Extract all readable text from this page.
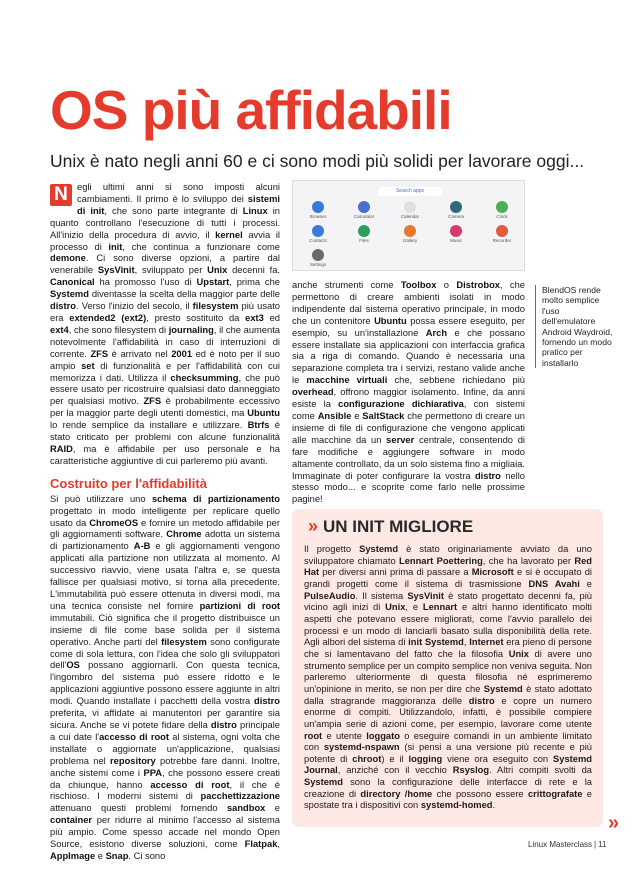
OS più affidabili

Unix è nato negli anni 60 e ci sono modi più solidi per lavorare oggi...

N egli ultimi anni si sono imposti alcuni cambiamenti. Il primo è lo sviluppo dei sistemi di init, che sono parte integrante di Linux in quanto controllano l'esecuzione di tutti i processi. All'inizio della procedura di avvio, il kernel avvia il processo di init, che continua a funzionare come demone. Ci sono diverse opzioni, a partire dal venerabile SysVinit, sviluppato per Unix decenni fa. Canonical ha promosso l'uso di Upstart, prima che Systemd diventasse la scelta della maggior parte delle distro. Verso l'inizio del secolo, il filesystem più usato era extended2 (ext2), presto sostituito da ext3 ed ext4, che sono filesystem di journaling, il che aumenta notevolmente l'affidabilità in caso di interruzioni di corrente. ZFS è arrivato nel 2001 ed è noto per il suo ampio set di funzionalità e per l'affidabilità con cui memorizza i dati. Utilizza il checksumming, che può essere usato per ricostruire qualsiasi dato danneggiato per qualsiasi motivo. ZFS è probabilmente eccessivo per la maggior parte degli utenti domestici, ma Ubuntu lo rende semplice da installare e utilizzare. Btrfs è stato criticato per problemi con alcune funzionalità RAID, ma è affidabile per uso personale e ha caratteristiche aggiuntive di cui parleremo più avanti.

Costruito per l'affidabilità

Si può utilizzare uno schema di partizionamento progettato in modo intelligente per replicare quello usato da ChromeOS e fornire un metodo affidabile per gli aggiornamenti software. Chrome adotta un sistema di partizionamento A-B e gli aggiornamenti vengono applicati alla partizione non utilizzata al momento. Al successivo riavvio, viene usata l'altra e, se questa fallisce per qualsiasi motivo, si torna alla precedente. L'immutabilità può essere ottenuta in diversi modi, ma una tecnica consiste nel fornire partizioni di root immutabili. Ciò significa che il progetto distribuisce un insieme di file come base solida per il sistema operativo. Anche parti del filesystem sono configurate come di sola lettura, con l'idea che solo gli sviluppatori dell'OS possano aggiornarli. Con questa tecnica, l'ingombro del sistema può essere ridotto e le applicazioni aggiuntive possono essere aggiunte in altri modi. Quando installate i pacchetti della vostra distro preferita, vi affidate ai manutentori per garantire sia sicura. Anche se vi potete fidare della distro principale a cui date l'accesso di root al sistema, ogni volta che installate o aggiornate un'applicazione, qualsiasi problema nel repository potrebbe fare danni. Inoltre, anche sistemi come i PPA, che possono essere creati da chiunque, hanno accesso di root, il che è rischioso. I moderni sistemi di pacchettizzazione attenuano questi problemi fornendo sandbox e container per ridurre al minimo l'accesso al sistema più ampio. Come spesso accade nel mondo Open Source, esistono diverse soluzioni, come Flatpak, AppImage e Snap. Ci sono

Search apps
Browser	Calculator	Calendar	Camera	Clock
Contacts	Files	Gallery	Music	Recorder
Settings

anche strumenti come Toolbox o Distrobox, che permettono di creare ambienti isolati in modo indipendente dal sistema operativo principale, in modo che un contenitore Ubuntu possa essere eseguito, per esempio, su un'installazione Arch e che possano essere installate sia applicazioni con interfaccia grafica sia a riga di comando. Quando è necessaria una separazione completa tra i servizi, restano valide anche le macchine virtuali che, sebbene richiedano più overhead, offrono maggior isolamento. Infine, da anni esiste la configurazione dichiarativa, con sistemi come Ansible e SaltStack che permettono di creare un insieme di file di configurazione che vengono applicati alle macchine da un server centrale, consentendo di fare modifiche e aggiungere software in modo altamente controllato, da un solo sistema fino a migliaia. Immaginate di poter configurare la vostra distro nello stesso modo... e scoprite come farlo nelle prossime pagine!

BlendOS rende molto semplice l'uso dell'emulatore Android Waydroid, fornendo un modo pratico per installarlo
» UN INIT MIGLIORE

Il progetto Systemd è stato originariamente avviato da uno sviluppatore chiamato Lennart Poettering, che ha lavorato per Red Hat per diversi anni prima di passare a Microsoft e si è occupato di grandi progetti come il sistema di trasmissione DNS Avahi e PulseAudio. Il sistema SysVinit è stato progettato decenni fa, più vicino agli inizi di Unix, e Lennart e altri hanno identificato molti aspetti che potevano essere migliorati, come l'avvio parallelo dei processi e un modo di lanciarli basato sulla disponibilità della rete. Agli albori del sistema di init Systemd, Internet era pieno di persone che si lamentavano del fatto che la filosofia Unix di avere uno strumento semplice per un compito semplice non veniva seguita. Non parleremo ulteriormente di questa filosofia né esprimeremo un'opinione in merito, se non per dire che Systemd è stato adottato dalla stragrande maggioranza delle distro e copre un numero enorme di compiti. Utilizzandolo, infatti, è possibile compiere un'ampia serie di azioni come, per esempio, lavorare come utente root e utente loggato o eseguire comandi in un ambiente limitato con systemd-nspawn (si pensi a una versione più recente e più potente di chroot) e il logging viene ora eseguito con Systemd Journal, anziché con il vecchio Rsyslog. Altri compiti svolti da Systemd sono la configurazione delle interfacce di rete e la creazione di directory /home che possono essere crittografate e spostate tra i dispositivi con systemd-homed.

»
Linux Masterclass | 11
